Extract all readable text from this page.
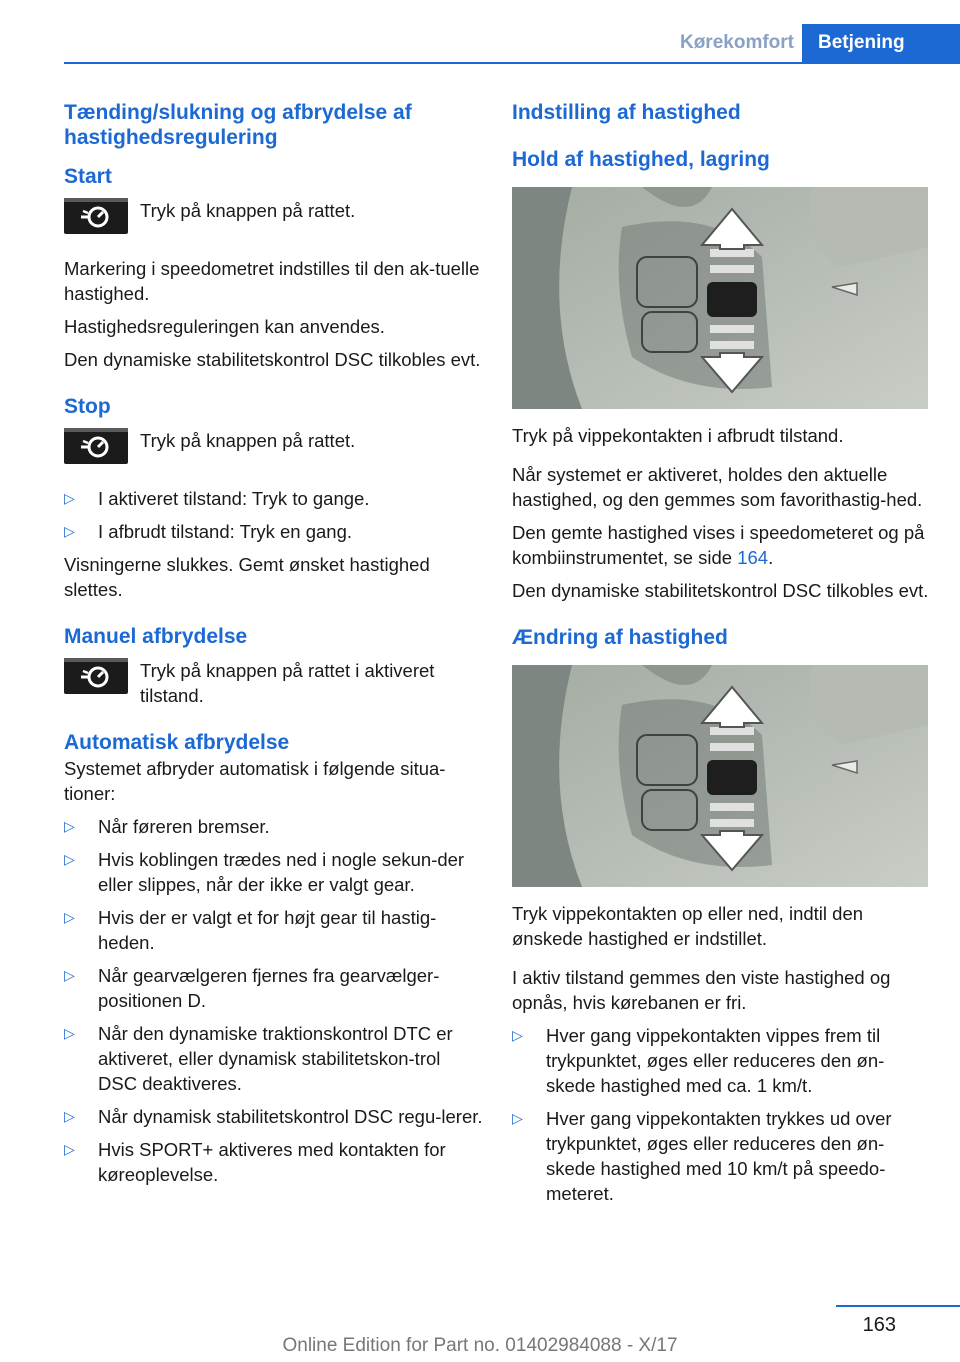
Kørekomfort	Betjening
Tænding/slukning og afbrydelse af hastighedsregulering
Start

Tryk på knappen på rattet.

Markering i speedometret indstilles til den ak-tuelle hastighed.

Hastighedsreguleringen kan anvendes.

Den dynamiske stabilitetskontrol DSC tilkobles evt.

Stop

Tryk på knappen på rattet.

▷ I aktiveret tilstand: Tryk to gange.
▷ I afbrudt tilstand: Tryk en gang.

Visningerne slukkes. Gemt ønsket hastighed slettes.

Manuel afbrydelse

Tryk på knappen på rattet i aktiveret tilstand.

Automatisk afbrydelse

Systemet afbryder automatisk i følgende situa-tioner:

▷ Når føreren bremser.
▷ Hvis koblingen trædes ned i nogle sekun-der eller slippes, når der ikke er valgt gear.
▷ Hvis der er valgt et for højt gear til hastig-heden.
▷ Når gearvælgeren fjernes fra gearvælger-positionen D.
▷ Når den dynamiske traktionskontrol DTC er aktiveret, eller dynamisk stabilitetskon-trol DSC deaktiveres.
▷ Når dynamisk stabilitetskontrol DSC regu-lerer.
▷ Hvis SPORT+ aktiveres med kontakten for køreoplevelse.
Indstilling af hastighed
Hold af hastighed, lagring

Tryk på vippekontakten i afbrudt tilstand.

Når systemet er aktiveret, holdes den aktuelle hastighed, og den gemmes som favorithastig-hed.

Den gemte hastighed vises i speedometeret og på kombiinstrumentet, se side 164.

Den dynamiske stabilitetskontrol DSC tilkobles evt.

Ændring af hastighed

Tryk vippekontakten op eller ned, indtil den ønskede hastighed er indstillet.

I aktiv tilstand gemmes den viste hastighed og opnås, hvis kørebanen er fri.

▷ Hver gang vippekontakten vippes frem til trykpunktet, øges eller reduceres den øn-skede hastighed med ca. 1 km/t.
▷ Hver gang vippekontakten trykkes ud over trykpunktet, øges eller reduceres den øn-skede hastighed med 10 km/t på speedo-meteret.
163
Online Edition for Part no. 01402984088 - X/17
